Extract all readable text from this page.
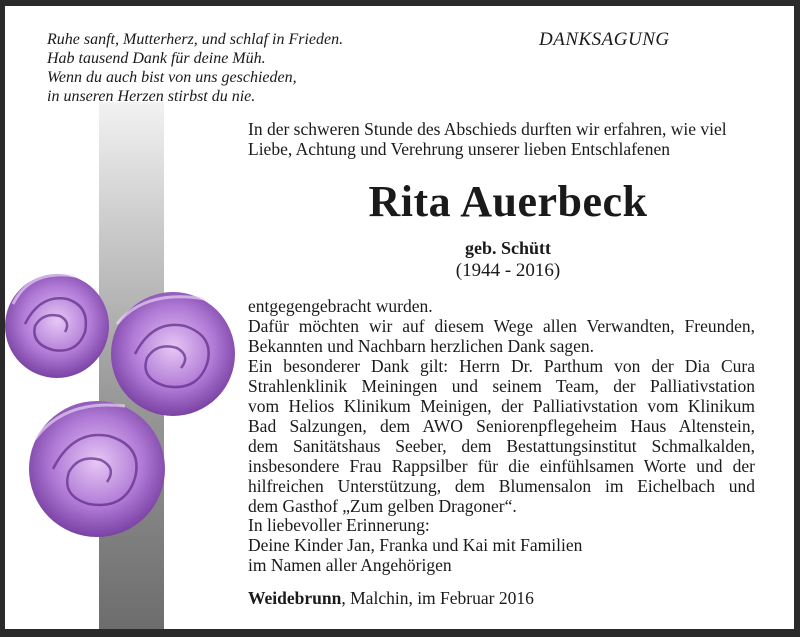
Ruhe sanft, Mutterherz, und schlaf in Frieden.
Hab tausend Dank für deine Müh.
Wenn du auch bist von uns geschieden,
in unseren Herzen stirbst du nie.
DANKSAGUNG
In der schweren Stunde des Abschieds durften wir erfahren, wie viel
Liebe, Achtung und Verehrung unserer lieben Entschlafenen
Rita Auerbeck
geb. Schütt
(1944 - 2016)
entgegengebracht wurden.
Dafür möchten wir auf diesem Wege allen Verwandten, Freunden,
Bekannten und Nachbarn herzlichen Dank sagen.
Ein besonderer Dank gilt: Herrn Dr. Parthum von der Dia Cura
Strahlenklinik Meiningen und seinem Team, der Palliativstation
vom Helios Klinikum Meinigen, der Palliativstation vom Klinikum
Bad Salzungen, dem AWO Seniorenpflegeheim Haus Altenstein,
dem Sanitätshaus Seeber, dem Bestattungsinstitut Schmalkalden,
insbesondere Frau Rappsilber für die einfühlsamen Worte und der
hilfreichen Unterstützung, dem Blumensalon im Eichelbach und
dem Gasthof „Zum gelben Dragoner“.
In liebevoller Erinnerung:
Deine Kinder Jan, Franka und Kai mit Familien
im Namen aller Angehörigen
Weidebrunn, Malchin, im Februar 2016
